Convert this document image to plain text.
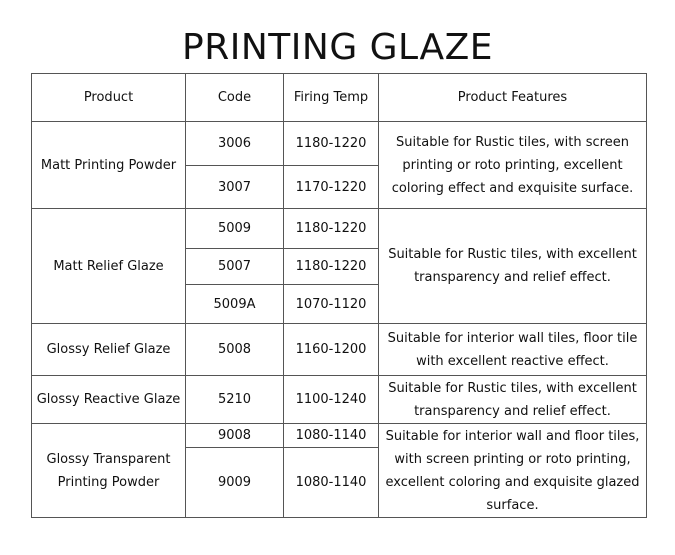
PRINTING GLAZE
Product	Code	Firing Temp	Product Features
Matt Printing Powder	3006	1180-1220	Suitable for Rustic tiles, with screen
printing or roto printing, excellent
coloring effect and exquisite surface.
	3007	1170-1220	
Matt Relief Glaze	5009	1180-1220	Suitable for Rustic tiles, with excellent
transparency and relief effect.
	5007	1180-1220	
	5009A	1070-1120	
Glossy Relief Glaze	5008	1160-1200	Suitable for interior wall tiles, floor tile
with excellent reactive effect.
Glossy Reactive Glaze	5210	1100-1240	Suitable for Rustic tiles, with excellent
transparency and relief effect.
Glossy Transparent
Printing Powder	9008	1080-1140	Suitable for interior wall and floor tiles,
with screen printing or roto printing,
excellent coloring and exquisite glazed
surface.
	9009	1080-1140	
